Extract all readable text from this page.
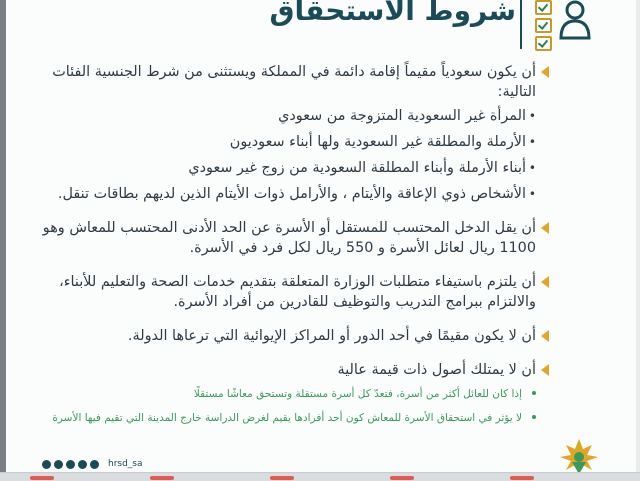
شروط الاستحقاق
أن يكون سعودياً مقيماً إقامة دائمة في المملكة ويستثنى من شرط الجنسية الفئات التالية:
• المرأة غير السعودية المتزوجة من سعودي
• الأرملة والمطلقة غير السعودية ولها أبناء سعوديون
• أبناء الأرملة وأبناء المطلقة السعودية من زوج غير سعودي
• الأشخاص ذوي الإعاقة والأيتام ، والأرامل ذوات الأيتام الذين لديهم بطاقات تنقل.
أن يقل الدخل المحتسب للمستقل أو الأسرة عن الحد الأدنى المحتسب للمعاش وهو 1100 ريال لعائل الأسرة و 550 ريال لكل فرد في الأسرة.
أن يلتزم باستيفاء متطلبات الوزارة المتعلقة بتقديم خدمات الصحة والتعليم للأبناء، والالتزام ببرامج التدريب والتوظيف للقادرين من أفراد الأسرة.
أن لا يكون مقيمًا في أحد الدور أو المراكز الإيوائية التي ترعاها الدولة.
أن لا يمتلك أصول ذات قيمة عالية
إذا كان للعائل أكثر من أسرة، فتعدّ كل أسرة مستقلة وتستحق معاشًا مستقلًا
لا يؤثر في استحقاق الأسرة للمعاش كون أحد أفرادها يقيم لغرض الدراسة خارج المدينة التي تقيم فيها الأسرة
hrsd_sa
